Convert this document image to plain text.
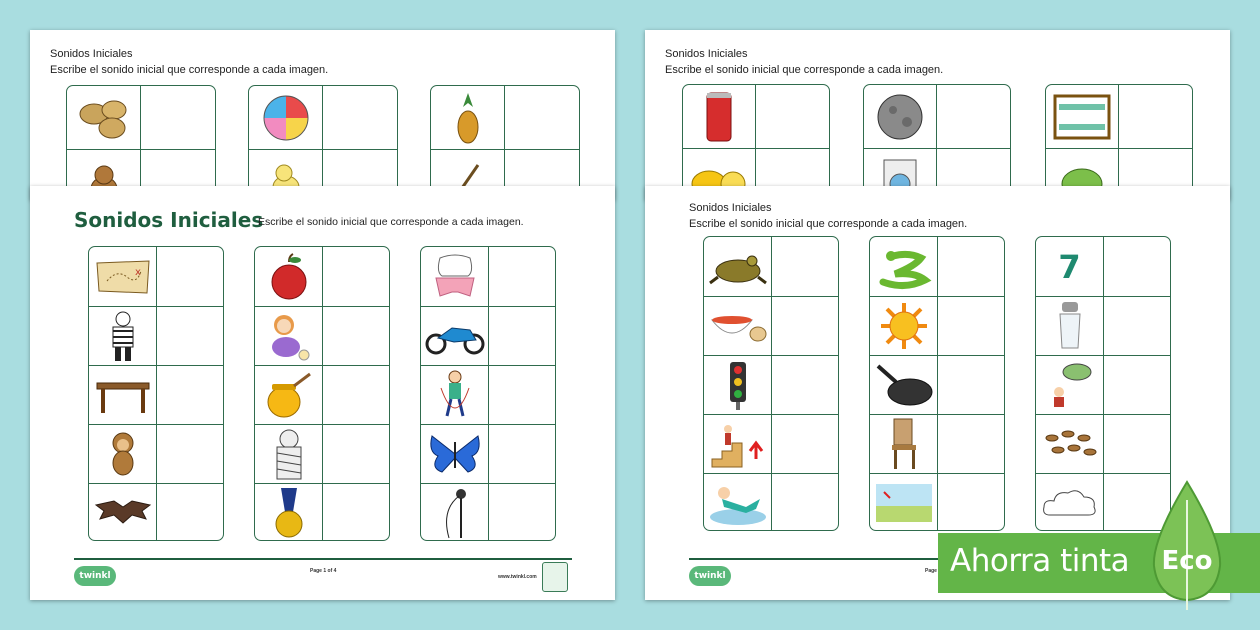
Sonidos Iniciales
Escribe el sonido inicial que corresponde a cada imagen.
Sonidos Iniciales
Escribe el sonido inicial que corresponde a cada imagen.
Sonidos Iniciales
Escribe el sonido inicial que corresponde a cada imagen.
x
twinkl	Page 1 of 4
www.twinkl.com
Sonidos Iniciales
Escribe el sonido inicial que corresponde a cada imagen.
7
twinkl	Page Ahorra tinta	Eco
